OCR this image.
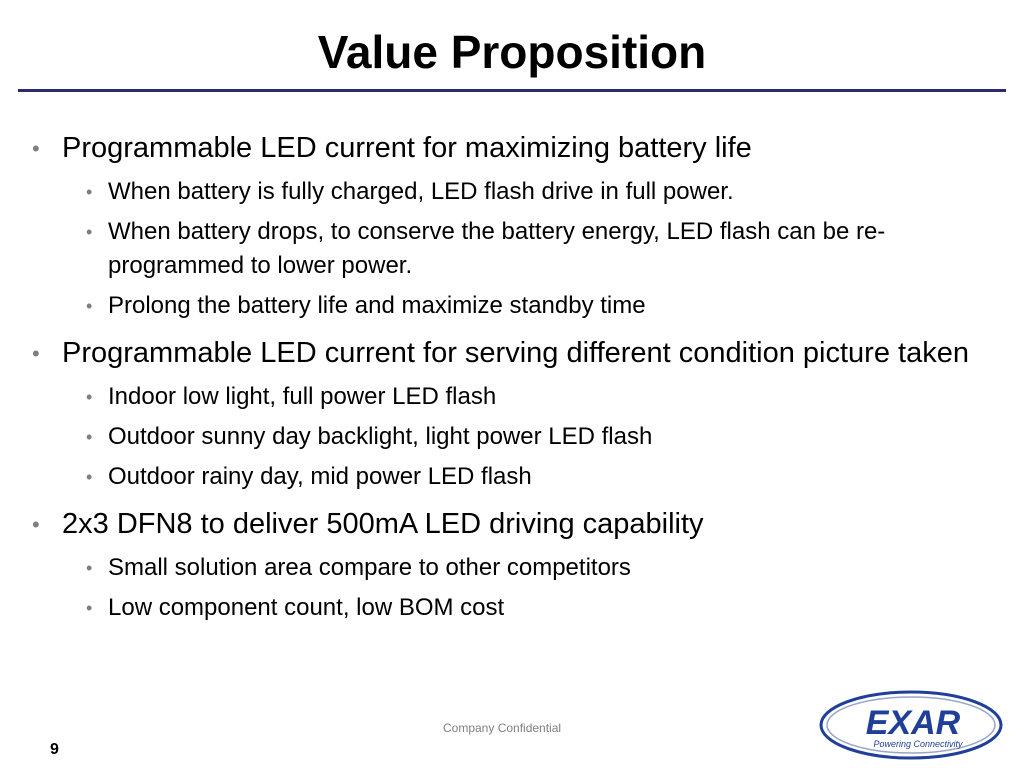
Value Proposition

• Programmable LED current for maximizing battery life

• When battery is fully charged, LED flash drive in full power.

• When battery drops, to conserve the battery energy, LED flash can be re-programmed to lower power.

• Prolong the battery life and maximize standby time

• Programmable LED current for serving different condition picture taken

• Indoor low light, full power LED flash

• Outdoor sunny day backlight, light power LED flash

• Outdoor rainy day, mid power LED flash

• 2x3 DFN8 to deliver 500mA LED driving capability

• Small solution area compare to other competitors

• Low component count, low BOM cost

Company Confidential
9
EXAR
Powering Connectivity
